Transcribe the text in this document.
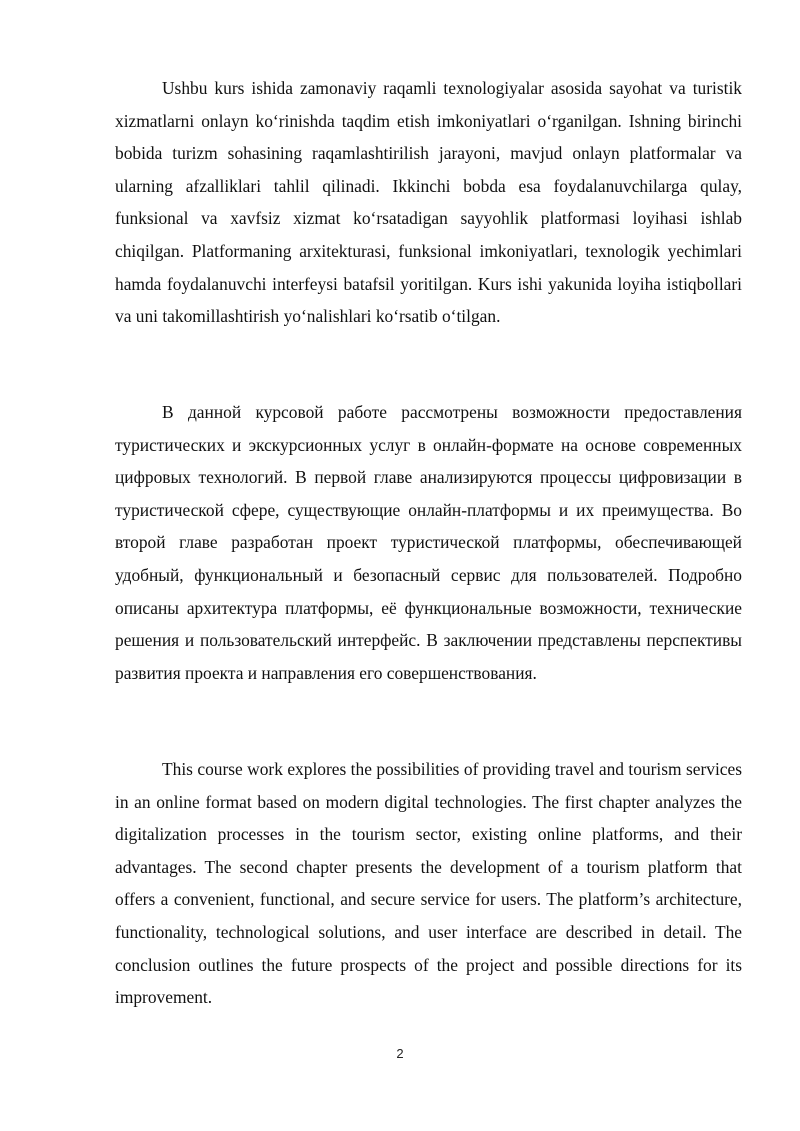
Ushbu kurs ishida zamonaviy raqamli texnologiyalar asosida sayohat va turistik xizmatlarni onlayn koʻrinishda taqdim etish imkoniyatlari oʻrganilgan. Ishning birinchi bobida turizm sohasining raqamlashtirilish jarayoni, mavjud onlayn platformalar va ularning afzalliklari tahlil qilinadi. Ikkinchi bobda esa foydalanuvchilarga qulay, funksional va xavfsiz xizmat koʻrsatadigan sayyohlik platformasi loyihasi ishlab chiqilgan. Platformaning arxitekturasi, funksional imkoniyatlari, texnologik yechimlari hamda foydalanuvchi interfeysi batafsil yoritilgan. Kurs ishi yakunida loyiha istiqbollari va uni takomillashtirish yoʻnalishlari koʻrsatib oʻtilgan.

В данной курсовой работе рассмотрены возможности предоставления туристических и экскурсионных услуг в онлайн-формате на основе современных цифровых технологий. В первой главе анализируются процессы цифровизации в туристической сфере, существующие онлайн-платформы и их преимущества. Во второй главе разработан проект туристической платформы, обеспечивающей удобный, функциональный и безопасный сервис для пользователей. Подробно описаны архитектура платформы, её функциональные возможности, технические решения и пользовательский интерфейс. В заключении представлены перспективы развития проекта и направления его совершенствования.

This course work explores the possibilities of providing travel and tourism services in an online format based on modern digital technologies. The first chapter analyzes the digitalization processes in the tourism sector, existing online platforms, and their advantages. The second chapter presents the development of a tourism platform that offers a convenient, functional, and secure service for users. The platform’s architecture, functionality, technological solutions, and user interface are described in detail. The conclusion outlines the future prospects of the project and possible directions for its improvement.

2
